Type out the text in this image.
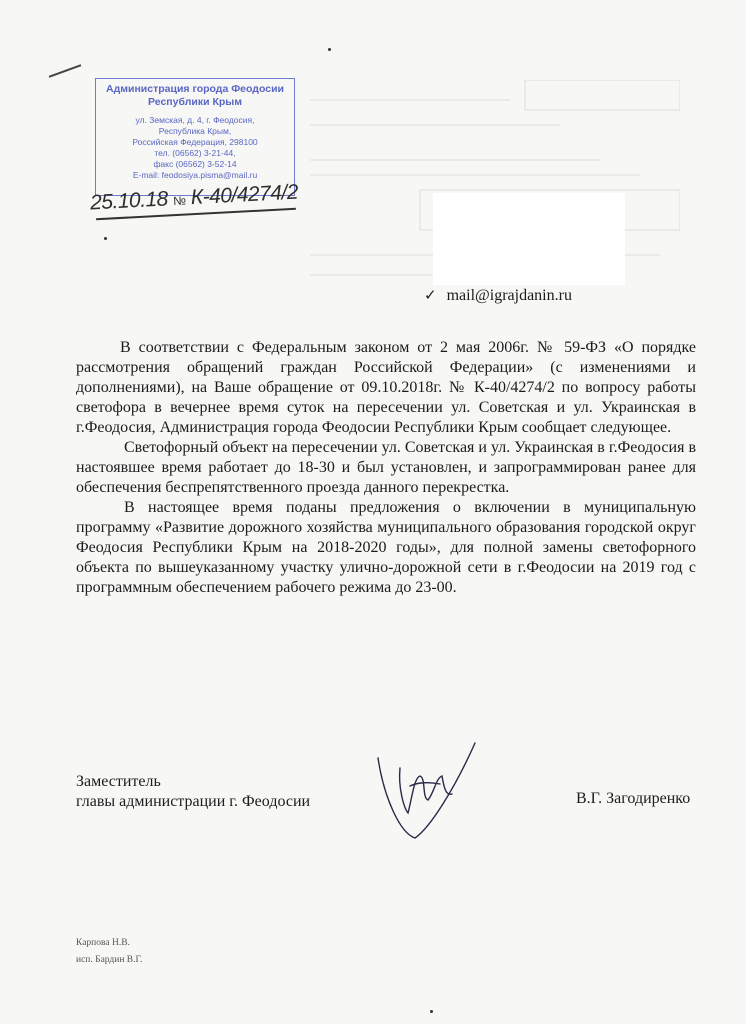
Администрация города Феодосии
Республики Крым
ул. Земская, д. 4, г. Феодосия,
Республика Крым,
Российская Федерация, 298100
тел. (06562) 3-21-44,
факс (06562) 3-52-14
E-mail: feodosiya.pisma@mail.ru
25.10.18 № К-40/4274/2
✓ mail@igrajdanin.ru

В соответствии с Федеральным законом от 2 мая 2006г. № 59-ФЗ «О порядке рассмотрения обращений граждан Российской Федерации» (с изменениями и дополнениями), на Ваше обращение от 09.10.2018г. № К-40/4274/2 по вопросу работы светофора в вечернее время суток на пересечении ул. Советская и ул. Украинская в г.Феодосия, Администрация города Феодосии Республики Крым сообщает следующее.

Светофорный объект на пересечении ул. Советская и ул. Украинская в г.Феодосия в настоявшее время работает до 18-30 и был установлен, и запрограммирован ранее для обеспечения беспрепятственного проезда данного перекрестка.

В настоящее время поданы предложения о включении в муниципальную программу «Развитие дорожного хозяйства муниципального образования городской округ Феодосия Республики Крым на 2018-2020 годы», для полной замены светофорного объекта по вышеуказанному участку улично-дорожной сети в г.Феодосии на 2019 год с программным обеспечением рабочего режима до 23-00.

Заместитель
главы администрации г. Феодосии	В.Г. Загодиренко
Карпова Н.В.
исп. Бардин В.Г.
